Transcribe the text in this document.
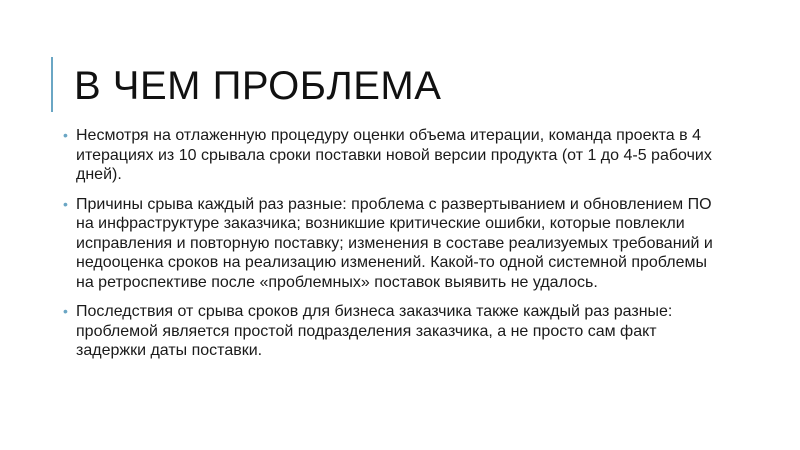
В ЧЕМ ПРОБЛЕМА
• Несмотря на отлаженную процедуру оценки объема итерации, команда проекта в 4 итерациях из 10 срывала сроки поставки новой версии продукта (от 1 до 4-5 рабочих дней).
• Причины срыва каждый раз разные: проблема с развертыванием и обновлением ПО на инфраструктуре заказчика; возникшие критические ошибки, которые повлекли исправления и повторную поставку; изменения в составе реализуемых требований и недооценка сроков на реализацию изменений. Какой-то одной системной проблемы на ретроспективе после «проблемных» поставок выявить не удалось.
• Последствия от срыва сроков для бизнеса заказчика также каждый раз разные: проблемой является простой подразделения заказчика, а не просто сам факт задержки даты поставки.
